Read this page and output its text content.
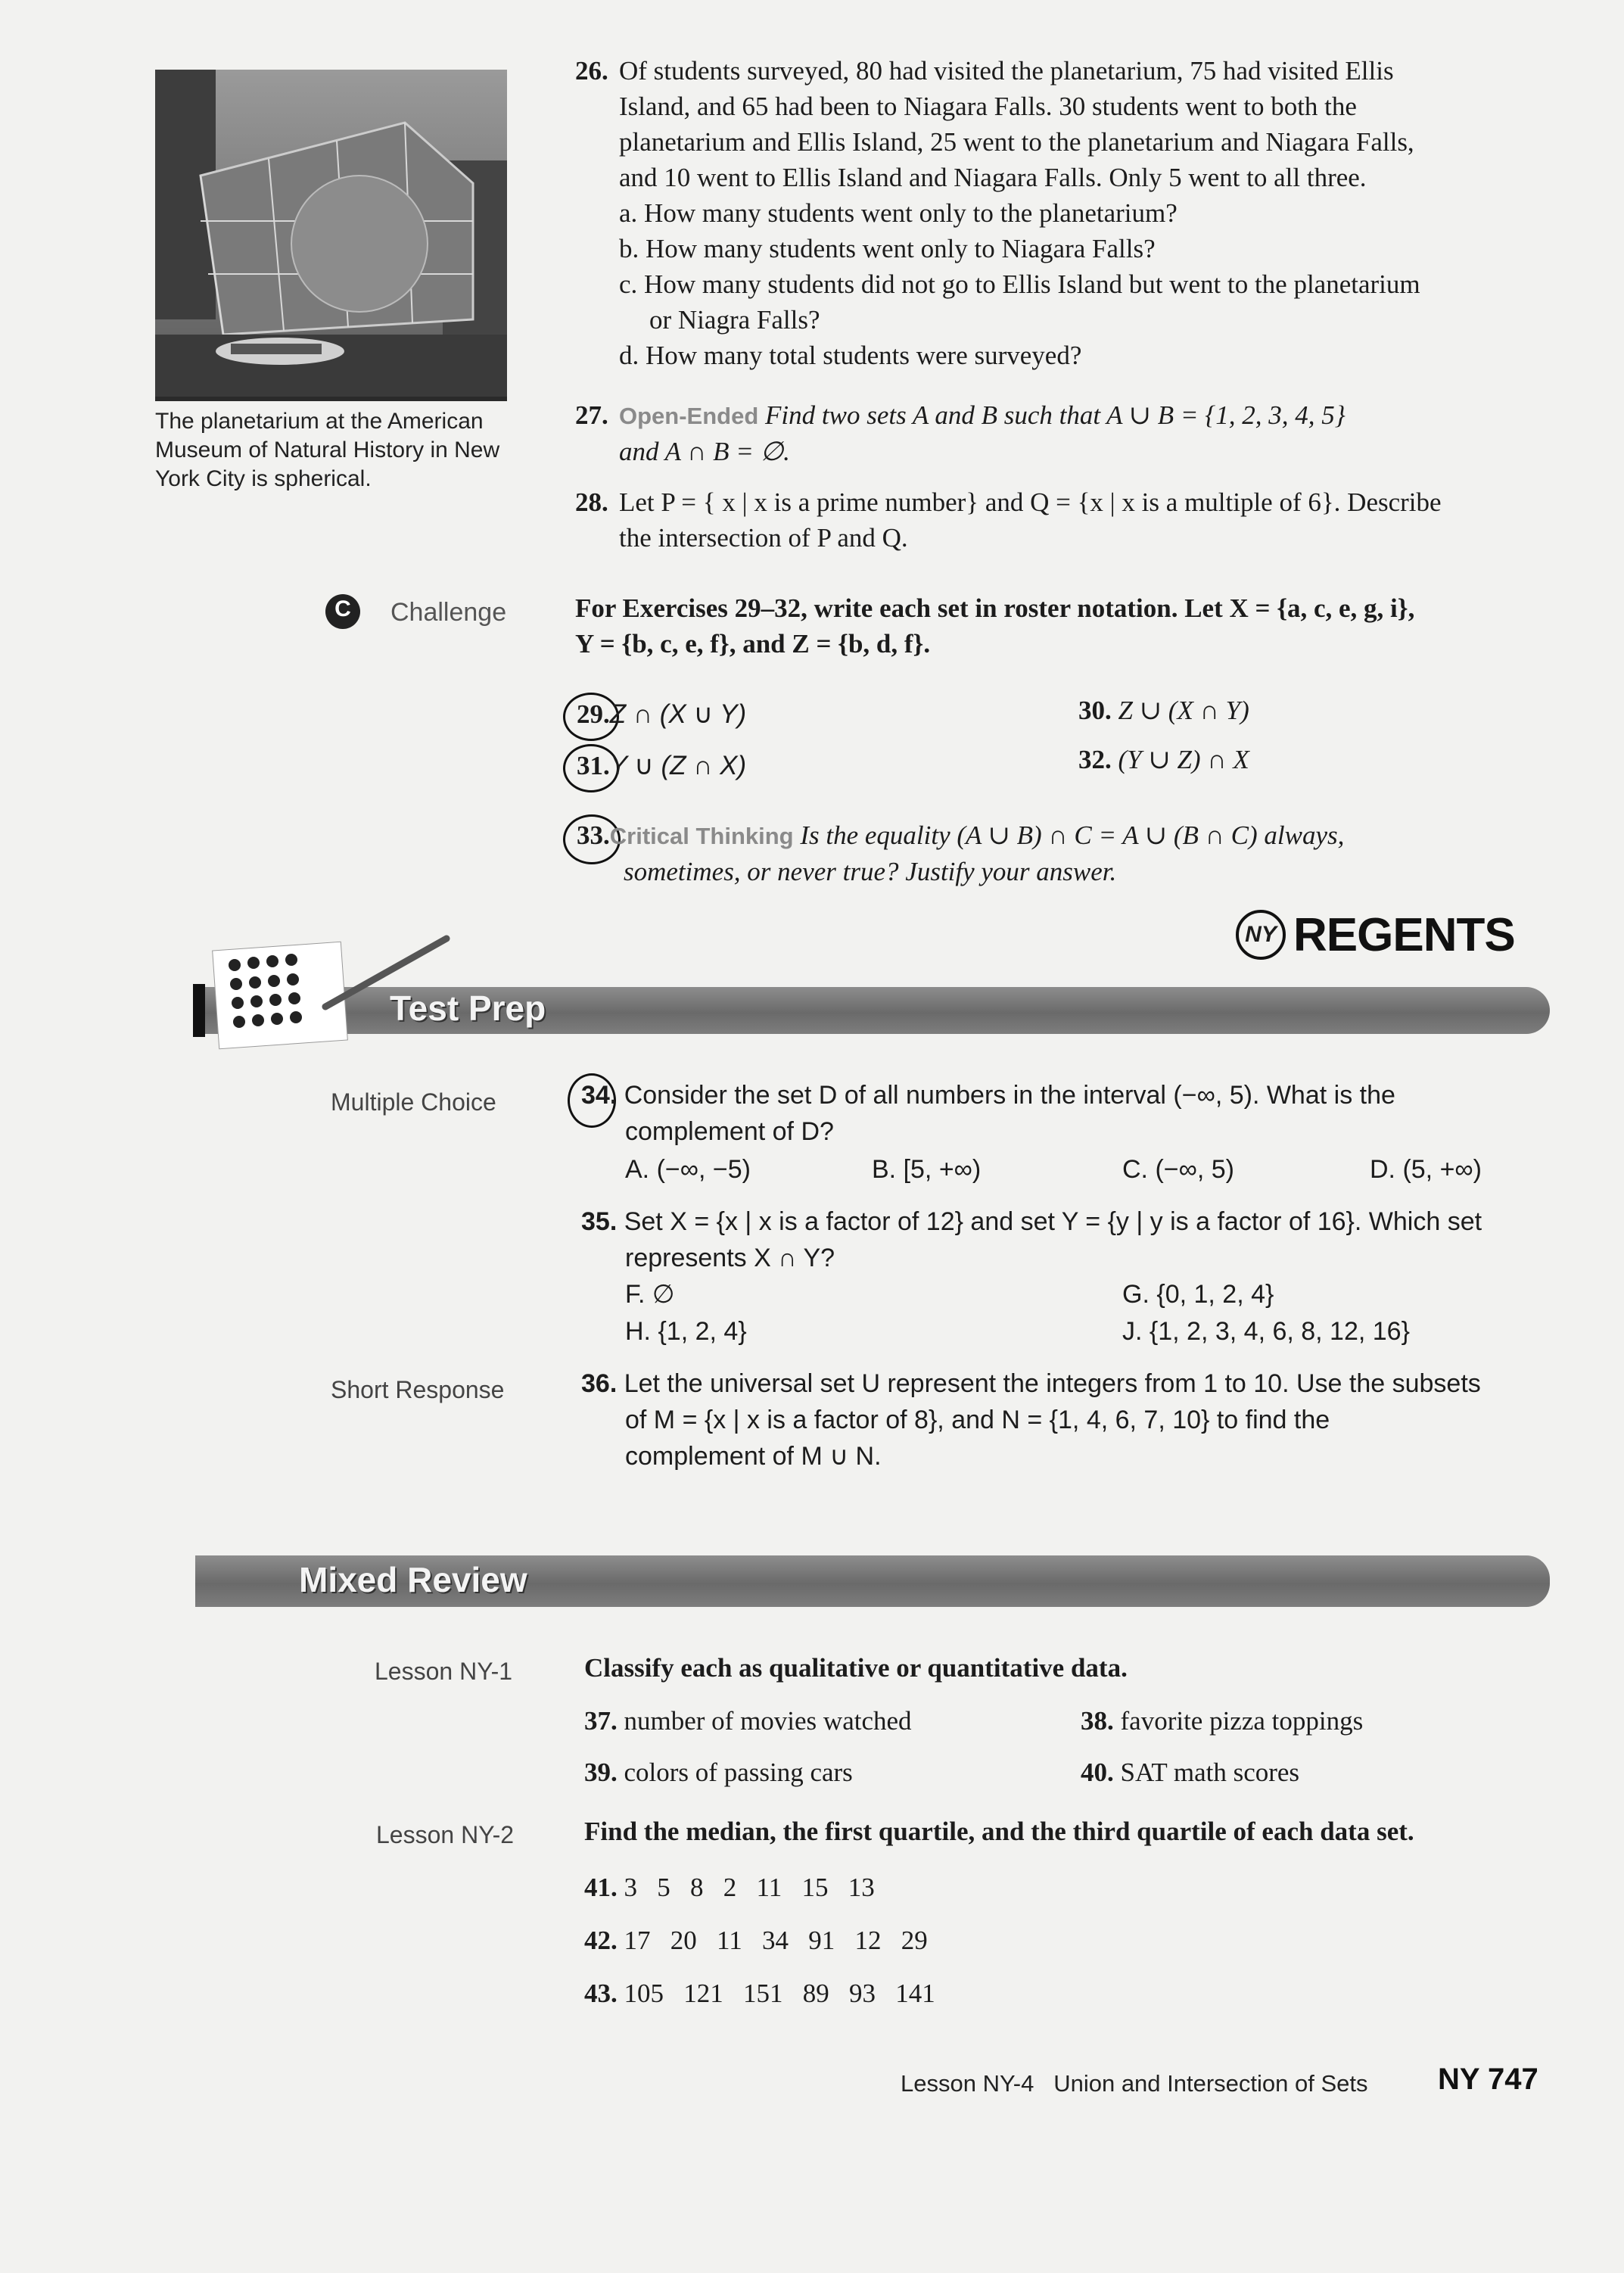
The planetarium at the American Museum of Natural History in New York City is spherical.
26. Of students surveyed, 80 had visited the planetarium, 75 had visited Ellis
Island, and 65 had been to Niagara Falls. 30 students went to both the
planetarium and Ellis Island, 25 went to the planetarium and Niagara Falls,
and 10 went to Ellis Island and Niagara Falls. Only 5 went to all three.
a. How many students went only to the planetarium?
b. How many students went only to Niagara Falls?
c. How many students did not go to Ellis Island but went to the planetarium
or Niagra Falls?
d. How many total students were surveyed?
27. Open-Ended Find two sets A and B such that A ∪ B = {1, 2, 3, 4, 5}
and A ∩ B = ∅.
28. Let P = { x | x is a prime number} and Q = {x | x is a multiple of 6}. Describe
the intersection of P and Q.
C	Challenge	For Exercises 29–32, write each set in roster notation. Let X = {a, c, e, g, i},
Y = {b, c, e, f}, and Z = {b, d, f}.
29.Z ∩ (X ∪ Y)	30. Z ∪ (X ∩ Y)
31.Y ∪ (Z ∩ X)	32. (Y ∪ Z) ∩ X
33.Critical Thinking Is the equality (A ∪ B) ∩ C = A ∪ (B ∩ C) always,
sometimes, or never true? Justify your answer.
NY REGENTS
Test Prep
Multiple Choice	34. Consider the set D of all numbers in the interval (−∞, 5). What is the
complement of D?
A. (−∞, −5)	B. [5, +∞)	C. (−∞, 5)	D. (5, +∞)
35. Set X = {x | x is a factor of 12} and set Y = {y | y is a factor of 16}. Which set
represents X ∩ Y?
F. ∅	G. {0, 1, 2, 4}
H. {1, 2, 4}	J. {1, 2, 3, 4, 6, 8, 12, 16}
Short Response	36. Let the universal set U represent the integers from 1 to 10. Use the subsets
of M = {x | x is a factor of 8}, and N = {1, 4, 6, 7, 10} to find the
complement of M ∪ N.
Mixed Review
Lesson NY-1	Classify each as qualitative or quantitative data.
37. number of movies watched	38. favorite pizza toppings
39. colors of passing cars	40. SAT math scores
Lesson NY-2	Find the median, the first quartile, and the third quartile of each data set.
41. 3 5 8 2 11 15 13
42. 17 20 11 34 91 12 29
43. 105 121 151 89 93 141
Lesson NY-4 Union and Intersection of Sets NY 747
